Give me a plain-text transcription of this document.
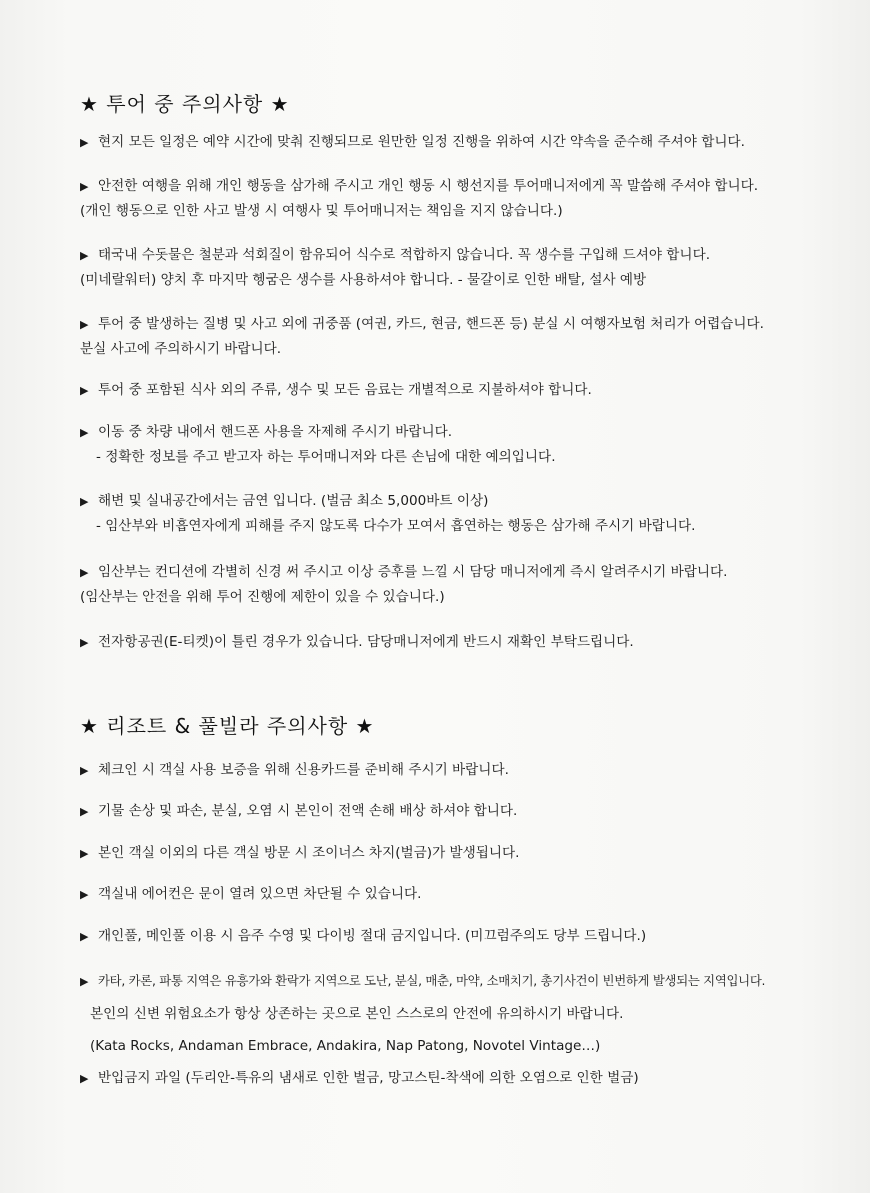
★ 투어 중 주의사항 ★
▶ 현지 모든 일정은 예약 시간에 맞춰 진행되므로 원만한 일정 진행을 위하여 시간 약속을 준수해 주셔야 합니다.
▶ 안전한 여행을 위해 개인 행동을 삼가해 주시고 개인 행동 시 행선지를 투어매니저에게 꼭 말씀해 주셔야 합니다.
(개인 행동으로 인한 사고 발생 시 여행사 및 투어매니저는 책임을 지지 않습니다.)
▶ 태국내 수돗물은 철분과 석회질이 함유되어 식수로 적합하지 않습니다. 꼭 생수를 구입해 드셔야 합니다.
(미네랄워터) 양치 후 마지막 헹굼은 생수를 사용하셔야 합니다. - 물갈이로 인한 배탈, 설사 예방
▶ 투어 중 발생하는 질병 및 사고 외에 귀중품 (여권, 카드, 현금, 핸드폰 등) 분실 시 여행자보험 처리가 어렵습니다.
분실 사고에 주의하시기 바랍니다.
▶ 투어 중 포함된 식사 외의 주류, 생수 및 모든 음료는 개별적으로 지불하셔야 합니다.
▶ 이동 중 차량 내에서 핸드폰 사용을 자제해 주시기 바랍니다.
- 정확한 정보를 주고 받고자 하는 투어매니저와 다른 손님에 대한 예의입니다.
▶ 해변 및 실내공간에서는 금연 입니다. (벌금 최소 5,000바트 이상)
- 임산부와 비흡연자에게 피해를 주지 않도록 다수가 모여서 흡연하는 행동은 삼가해 주시기 바랍니다.
▶ 임산부는 컨디션에 각별히 신경 써 주시고 이상 증후를 느낄 시 담당 매니저에게 즉시 알려주시기 바랍니다.
(임산부는 안전을 위해 투어 진행에 제한이 있을 수 있습니다.)
▶ 전자항공권(E-티켓)이 틀린 경우가 있습니다. 담당매니저에게 반드시 재확인 부탁드립니다.
★ 리조트 & 풀빌라 주의사항 ★
▶ 체크인 시 객실 사용 보증을 위해 신용카드를 준비해 주시기 바랍니다.
▶ 기물 손상 및 파손, 분실, 오염 시 본인이 전액 손해 배상 하셔야 합니다.
▶ 본인 객실 이외의 다른 객실 방문 시 조이너스 차지(벌금)가 발생됩니다.
▶ 객실내 에어컨은 문이 열려 있으면 차단될 수 있습니다.
▶ 개인풀, 메인풀 이용 시 음주 수영 및 다이빙 절대 금지입니다. (미끄럼주의도 당부 드립니다.)
▶ 카타, 카론, 파통 지역은 유흥가와 환락가 지역으로 도난, 분실, 매춘, 마약, 소매치기, 총기사건이 빈번하게 발생되는 지역입니다.
본인의 신변 위험요소가 항상 상존하는 곳으로 본인 스스로의 안전에 유의하시기 바랍니다.
(Kata Rocks, Andaman Embrace, Andakira, Nap Patong, Novotel Vintage…)
▶ 반입금지 과일 (두리안-특유의 냄새로 인한 벌금, 망고스틴-착색에 의한 오염으로 인한 벌금)
